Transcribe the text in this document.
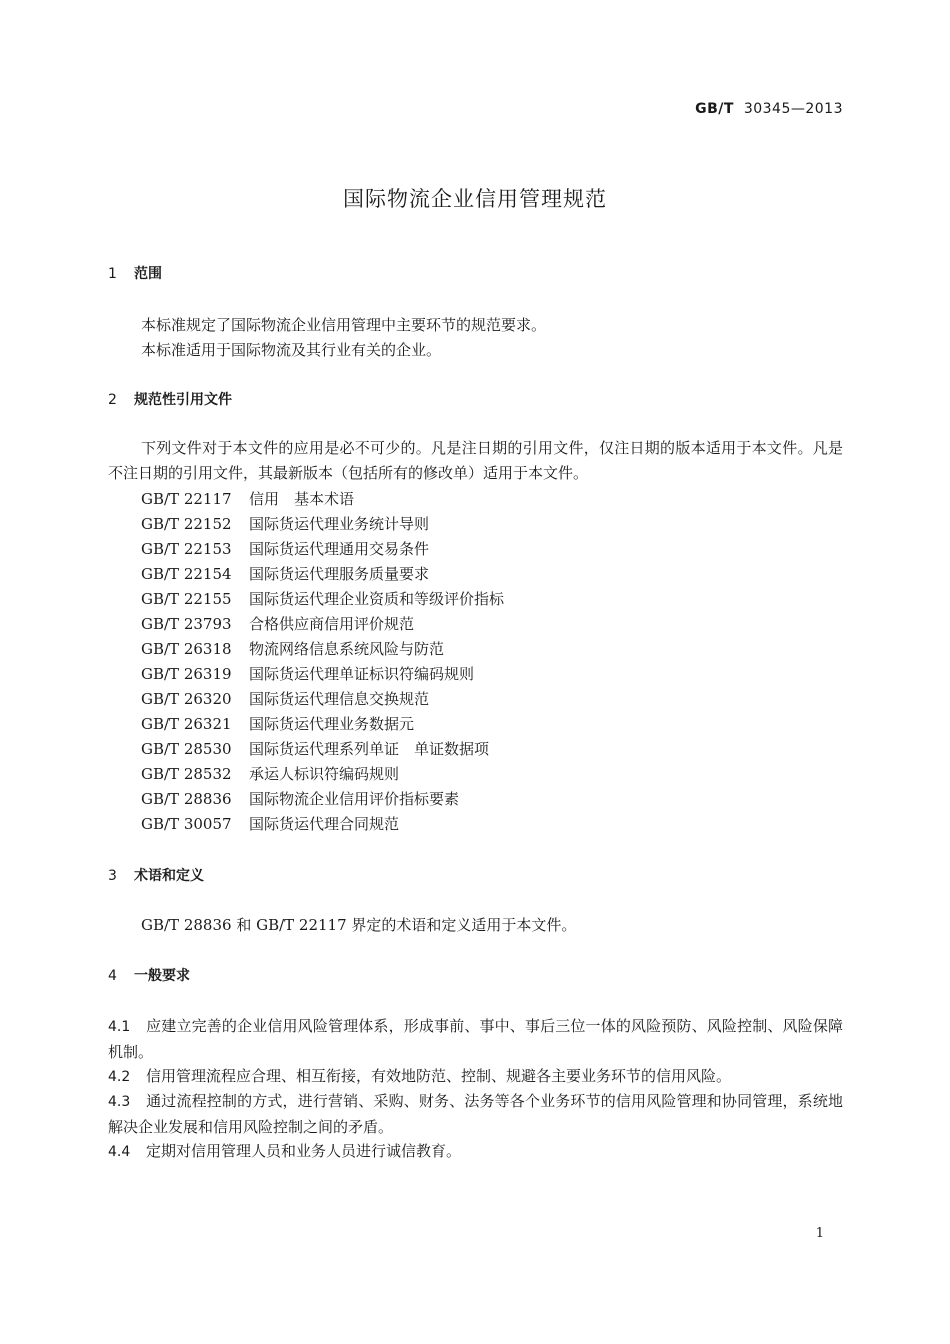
GB/T 30345—2013
国际物流企业信用管理规范
1 范围
本标准规定了国际物流企业信用管理中主要环节的规范要求。
本标准适用于国际物流及其行业有关的企业。
2 规范性引用文件
下列文件对于本文件的应用是必不可少的。凡是注日期的引用文件，仅注日期的版本适用于本文件。凡是不注日期的引用文件，其最新版本（包括所有的修改单）适用于本文件。
GB/T 22117 信用　基本术语
GB/T 22152 国际货运代理业务统计导则
GB/T 22153 国际货运代理通用交易条件
GB/T 22154 国际货运代理服务质量要求
GB/T 22155 国际货运代理企业资质和等级评价指标
GB/T 23793 合格供应商信用评价规范
GB/T 26318 物流网络信息系统风险与防范
GB/T 26319 国际货运代理单证标识符编码规则
GB/T 26320 国际货运代理信息交换规范
GB/T 26321 国际货运代理业务数据元
GB/T 28530 国际货运代理系列单证　单证数据项
GB/T 28532 承运人标识符编码规则
GB/T 28836 国际物流企业信用评价指标要素
GB/T 30057 国际货运代理合同规范
3 术语和定义
GB/T 28836 和 GB/T 22117 界定的术语和定义适用于本文件。
4 一般要求
4.1 应建立完善的企业信用风险管理体系，形成事前、事中、事后三位一体的风险预防、风险控制、风险保障机制。
4.2 信用管理流程应合理、相互衔接，有效地防范、控制、规避各主要业务环节的信用风险。
4.3 通过流程控制的方式，进行营销、采购、财务、法务等各个业务环节的信用风险管理和协同管理，系统地解决企业发展和信用风险控制之间的矛盾。
4.4 定期对信用管理人员和业务人员进行诚信教育。
1
